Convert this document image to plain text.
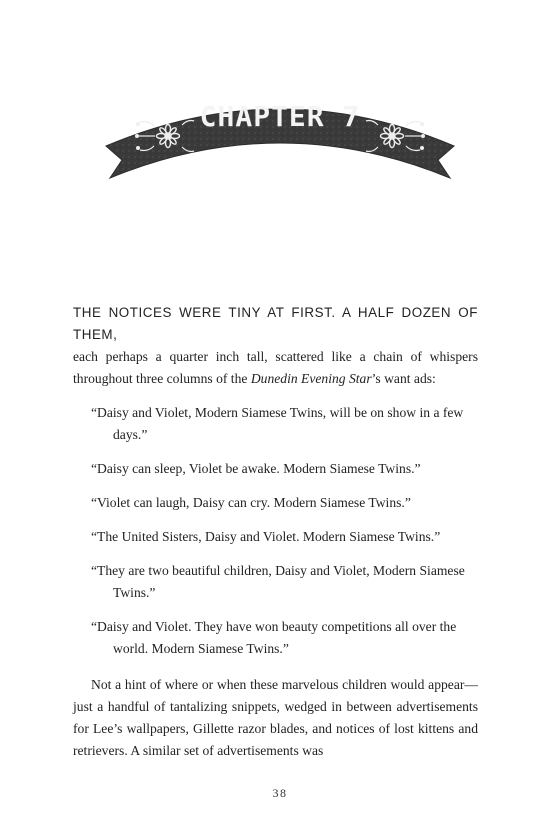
CHAPTER 7

THE NOTICES WERE TINY AT FIRST. A HALF DOZEN OF THEM,

each perhaps a quarter inch tall, scattered like a chain of whispers

throughout three columns of the Dunedin Evening Star’s want ads:

“Daisy and Violet, Modern Siamese Twins, will be on show in a few days.”
“Daisy can sleep, Violet be awake. Modern Siamese Twins.”
“Violet can laugh, Daisy can cry. Modern Siamese Twins.”
“The United Sisters, Daisy and Violet. Modern Siamese Twins.”
“They are two beautiful children, Daisy and Violet, Modern Siamese Twins.”
“Daisy and Violet. They have won beauty competitions all over the world. Modern Siamese Twins.”

Not a hint of where or when these marvelous children would appear—just a handful of tantalizing snippets, wedged in between advertisements for Lee’s wallpapers, Gillette razor blades, and notices of lost kittens and retrievers. A similar set of advertisements was

38
